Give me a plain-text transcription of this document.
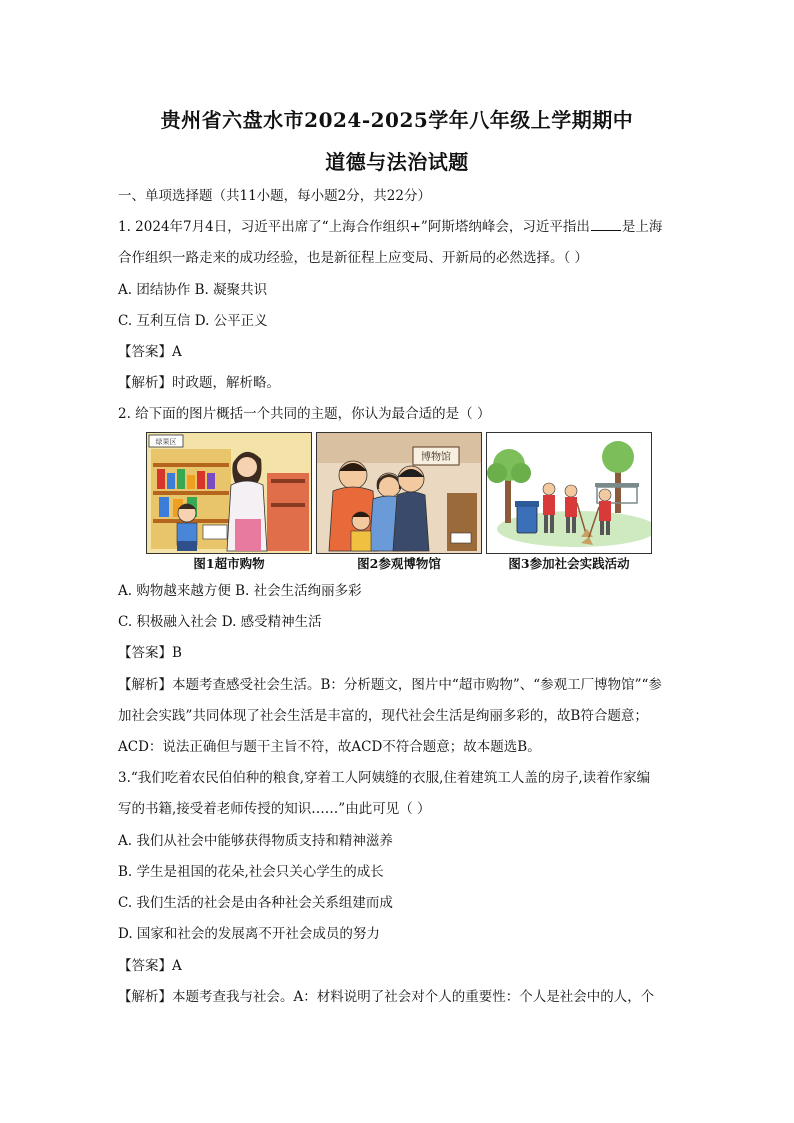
贵州省六盘水市2024-2025学年八年级上学期期中
道德与法治试题
一、单项选择题（共11小题，每小题2分，共22分）
1. 2024年7月4日，习近平出席了“上海合作组织+”阿斯塔纳峰会，习近平指出 是上海
合作组织一路走来的成功经验，也是新征程上应变局、开新局的必然选择。（ ）
A. 团结协作 B. 凝聚共识
C. 互利互信 D. 公平正义
【答案】A
【解析】时政题，解析略。
2. 给下面的图片概括一个共同的主题，你认为最合适的是（ ）
绿果区
图1超市购物
博物馆
图2参观博物馆	图3参加社会实践活动
A. 购物越来越方便 B. 社会生活绚丽多彩
C. 积极融入社会 D. 感受精神生活
【答案】B
【解析】本题考查感受社会生活。B：分析题文，图片中“超市购物”、“参观工厂博物馆”“参
加社会实践”共同体现了社会生活是丰富的，现代社会生活是绚丽多彩的，故B符合题意；
ACD：说法正确但与题干主旨不符，故ACD不符合题意；故本题选B。
3.“我们吃着农民伯伯种的粮食,穿着工人阿姨缝的衣服,住着建筑工人盖的房子,读着作家编
写的书籍,接受着老师传授的知识……”由此可见（ ）
A. 我们从社会中能够获得物质支持和精神滋养
B. 学生是祖国的花朵,社会只关心学生的成长
C. 我们生活的社会是由各种社会关系组建而成
D. 国家和社会的发展离不开社会成员的努力
【答案】A
【解析】本题考查我与社会。A：材料说明了社会对个人的重要性：个人是社会中的人，个
